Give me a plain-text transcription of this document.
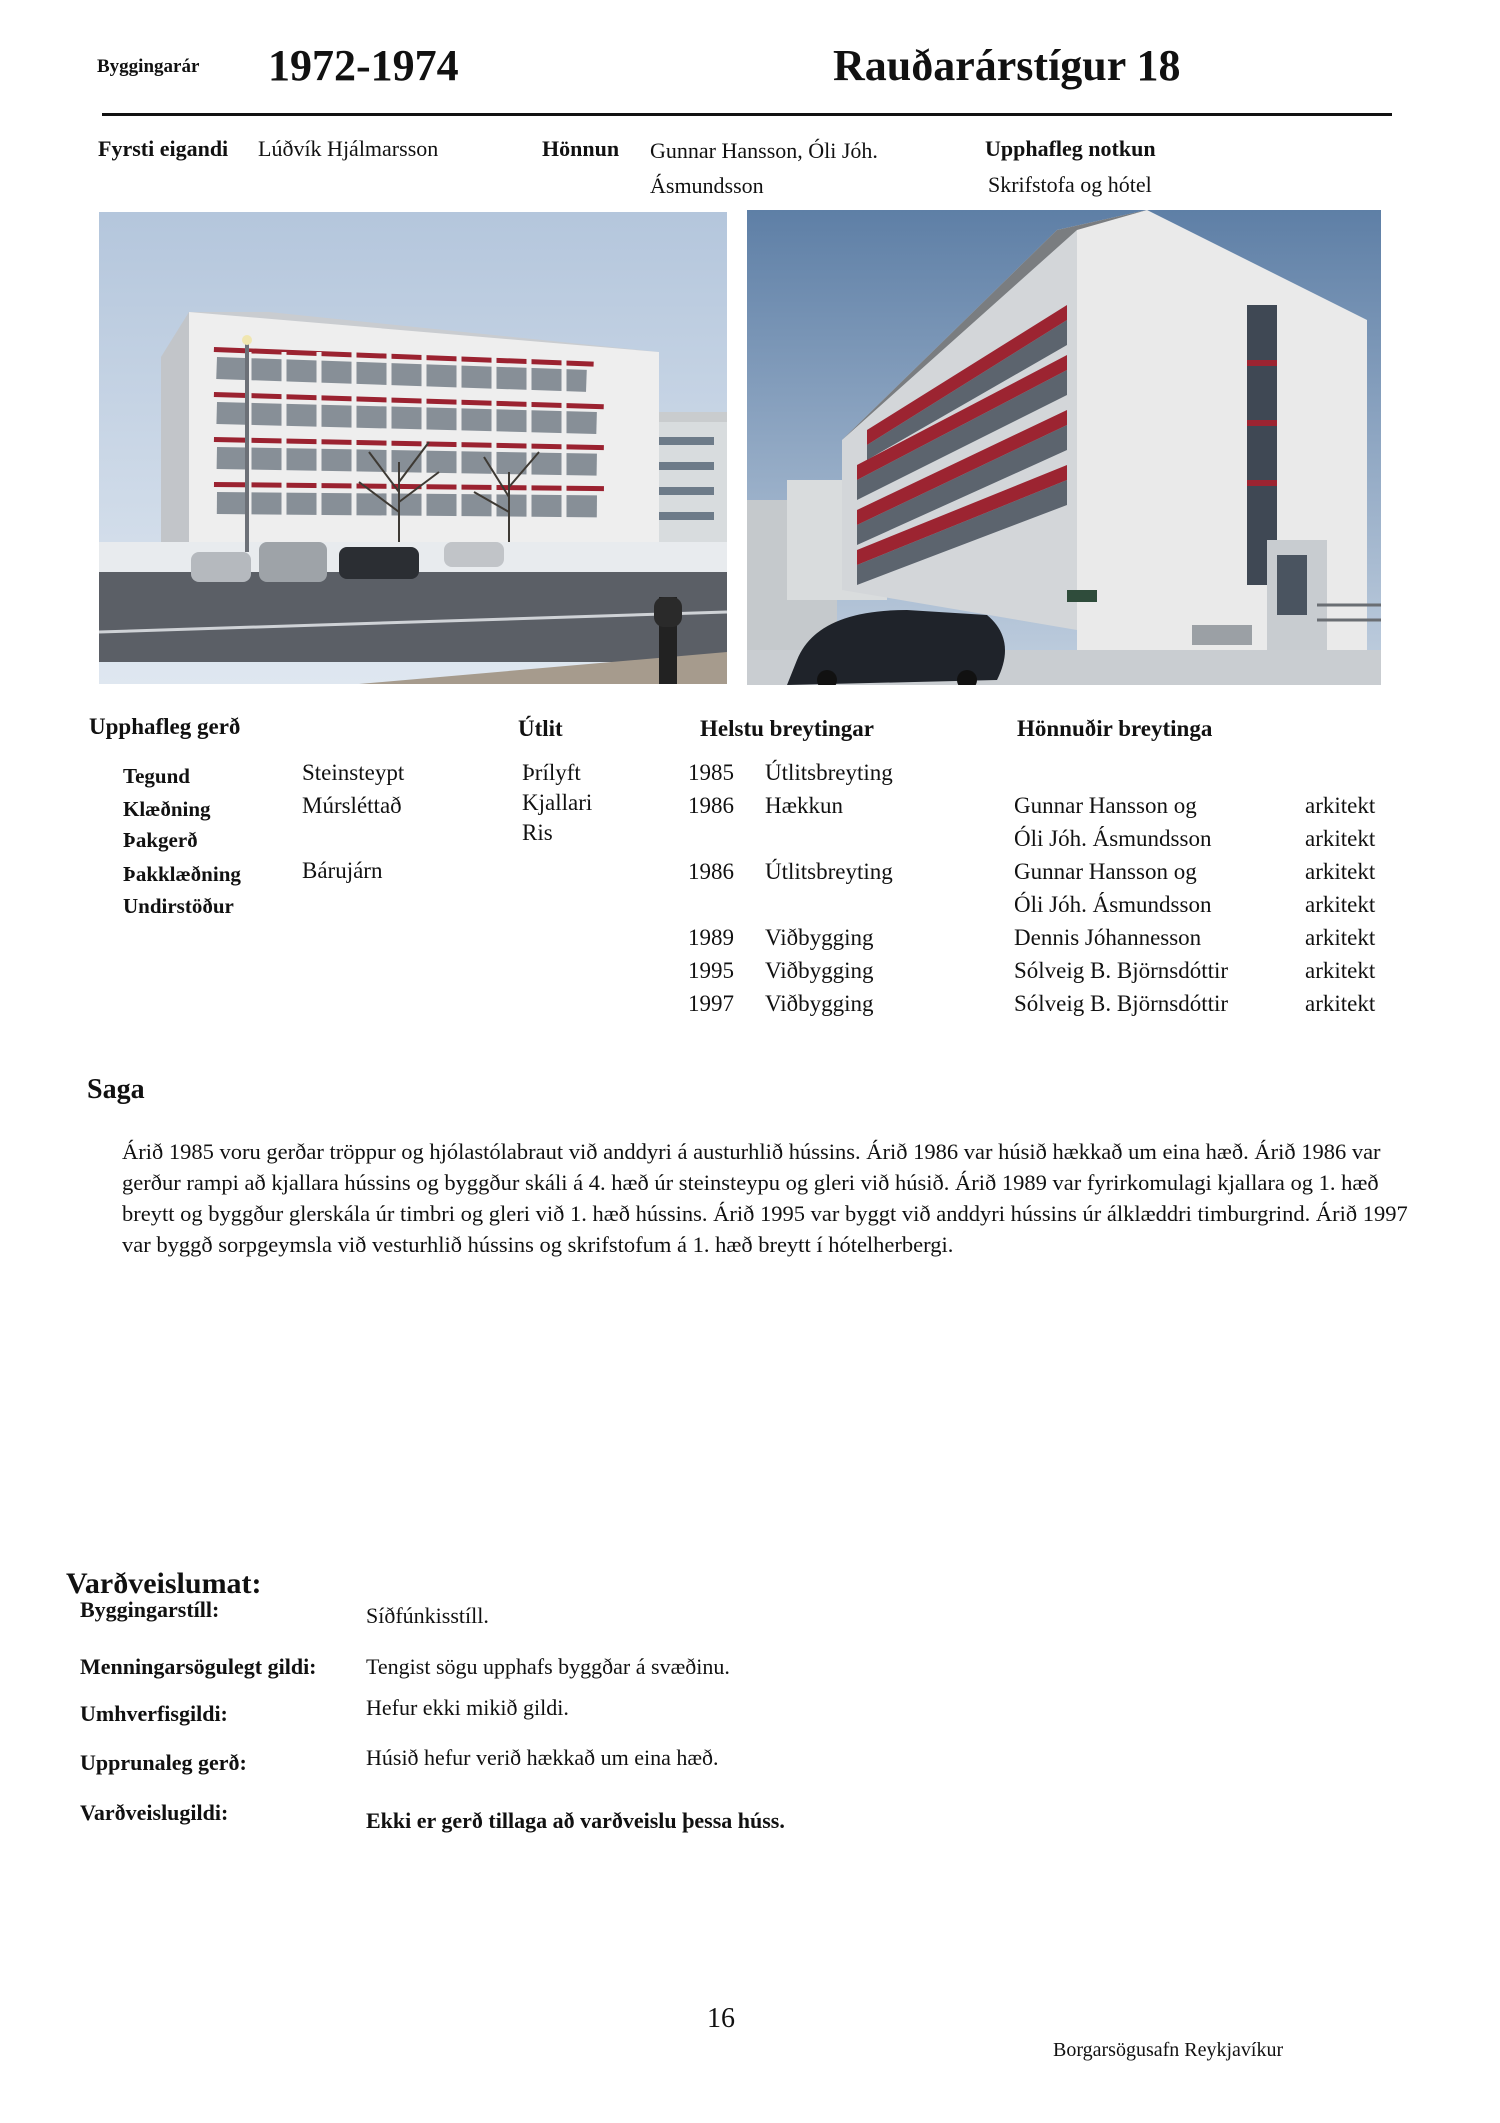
Byggingarár 1972-1974	Rauðarárstígur 18
Fyrsti eigandi Lúðvík Hjálmarsson	Hönnun Gunnar Hansson, Óli Jóh.
Ásmundsson
Upphafleg notkun
Skrifstofa og hótel
Upphafleg gerð	Útlit	Helstu breytingar	Hönnuðir breytinga
Tegund	Steinsteypt
Klæðning	Múrsléttað
Þakgerð
Þakklæðning	Bárujárn
Undirstöður
Þrílyft
Kjallari
Ris
1985 Útlitsbreyting
1986 Hækkun	Gunnar Hansson og	arkitekt
Óli Jóh. Ásmundsson	arkitekt
1986 Útlitsbreyting	Gunnar Hansson og	arkitekt
Óli Jóh. Ásmundsson	arkitekt
1989 Viðbygging	Dennis Jóhannesson	arkitekt
1995 Viðbygging	Sólveig B. Björnsdóttir	arkitekt
1997 Viðbygging	Sólveig B. Björnsdóttir	arkitekt
Saga
Árið 1985 voru gerðar tröppur og hjólastólabraut við anddyri á austurhlið hússins. Árið 1986 var húsið hækkað um eina hæð. Árið 1986 var gerður rampi að kjallara hússins og byggður skáli á 4. hæð úr steinsteypu og gleri við húsið. Árið 1989 var fyrirkomulagi kjallara og 1. hæð breytt og byggður glerskála úr timbri og gleri við 1. hæð hússins. Árið 1995 var byggt við anddyri hússins úr álklæddri timburgrind. Árið 1997 var byggð sorpgeymsla við vesturhlið hússins og skrifstofum á 1. hæð breytt í hótelherbergi.
Varðveislumat:
Byggingarstíll:	Síðfúnkisstíll.
Menningarsögulegt gildi: Tengist sögu upphafs byggðar á svæðinu.
Umhverfisgildi:	Hefur ekki mikið gildi.
Upprunaleg gerð:	Húsið hefur verið hækkað um eina hæð.
Varðveislugildi:	Ekki er gerð tillaga að varðveislu þessa húss.
16
Borgarsögusafn Reykjavíkur
